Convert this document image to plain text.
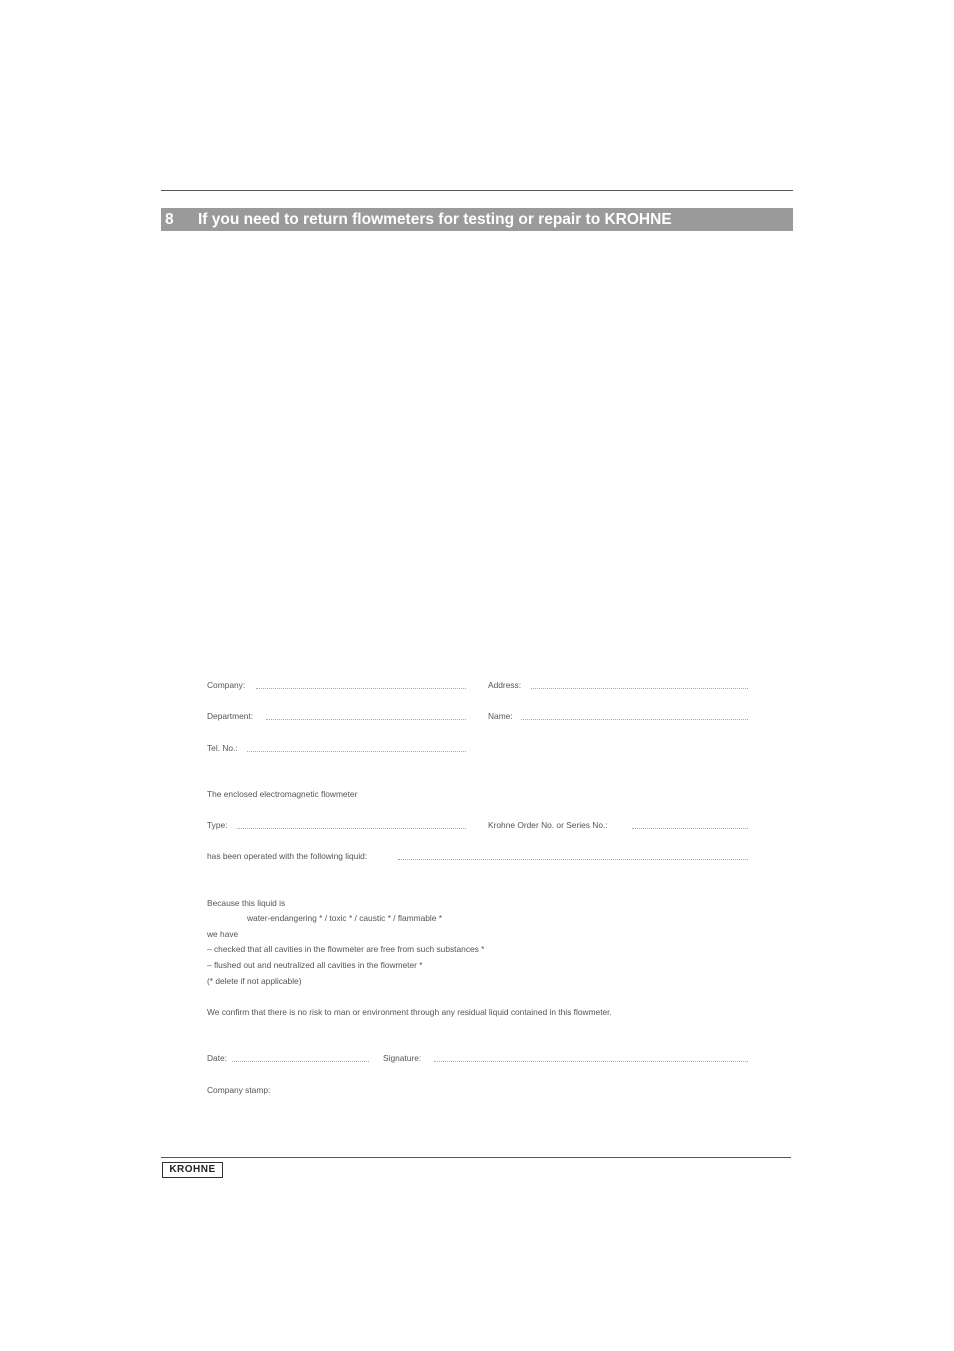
8 If you need to return flowmeters for testing or repair to KROHNE
Company:	Address:
Department:	Name:
Tel. No.:
The enclosed electromagnetic flowmeter
Type:	Krohne Order No. or Series No.:
has been operated with the following liquid:
Because this liquid is
water-endangering * / toxic * / caustic * / flammable *
we have
– checked that all cavities in the flowmeter are free from such substances *
– flushed out and neutralized all cavities in the flowmeter *
(* delete if not applicable)
We confirm that there is no risk to man or environment through any residual liquid contained in this flowmeter.
Date:	Signature:
Company stamp:
KROHNE
